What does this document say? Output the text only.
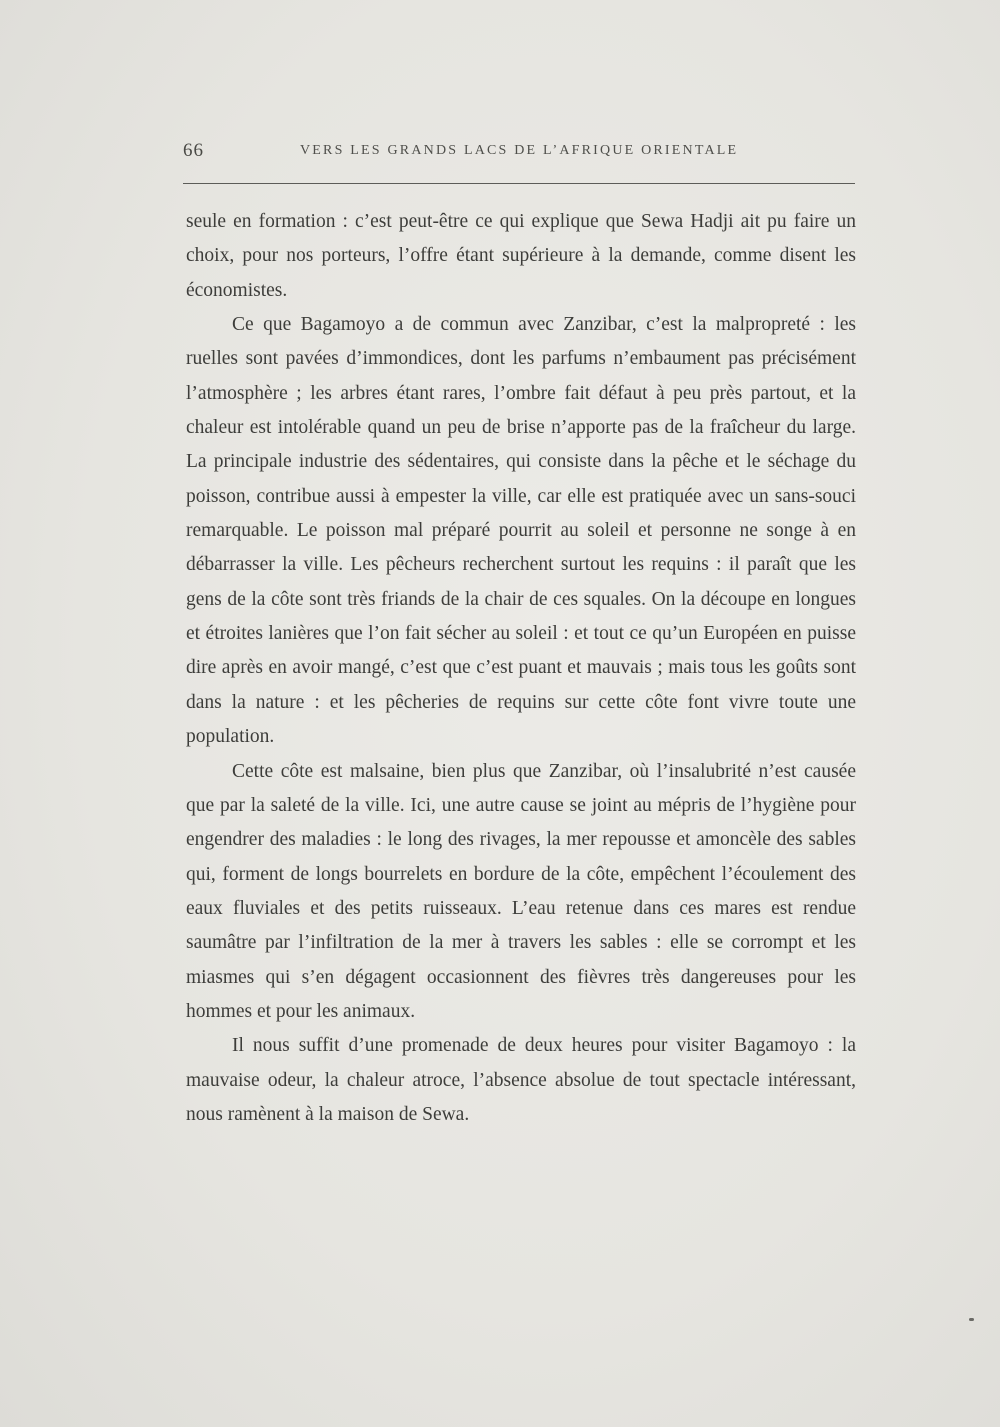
66	VERS LES GRANDS LACS DE L’AFRIQUE ORIENTALE

seule en formation : c’est peut-être ce qui explique que Sewa Hadji ait pu faire un choix, pour nos porteurs, l’offre étant supérieure à la demande, comme disent les économistes.

Ce que Bagamoyo a de commun avec Zanzibar, c’est la malpropreté : les ruelles sont pavées d’immondices, dont les parfums n’embaument pas précisément l’atmosphère ; les arbres étant rares, l’ombre fait défaut à peu près partout, et la chaleur est intolérable quand un peu de brise n’apporte pas de la fraîcheur du large. La principale industrie des sédentaires, qui consiste dans la pêche et le séchage du poisson, contribue aussi à empester la ville, car elle est pratiquée avec un sans-souci remarquable. Le poisson mal préparé pourrit au soleil et personne ne songe à en débarrasser la ville. Les pêcheurs recherchent surtout les requins : il paraît que les gens de la côte sont très friands de la chair de ces squales. On la découpe en longues et étroites lanières que l’on fait sécher au soleil : et tout ce qu’un Européen en puisse dire après en avoir mangé, c’est que c’est puant et mauvais ; mais tous les goûts sont dans la nature : et les pêcheries de requins sur cette côte font vivre toute une population.

Cette côte est malsaine, bien plus que Zanzibar, où l’insalubrité n’est causée que par la saleté de la ville. Ici, une autre cause se joint au mépris de l’hygiène pour engendrer des maladies : le long des rivages, la mer repousse et amoncèle des sables qui, forment de longs bourrelets en bordure de la côte, empêchent l’écoulement des eaux fluviales et des petits ruisseaux. L’eau retenue dans ces mares est rendue saumâtre par l’infiltration de la mer à travers les sables : elle se corrompt et les miasmes qui s’en dégagent occasionnent des fièvres très dangereuses pour les hommes et pour les animaux.

Il nous suffit d’une promenade de deux heures pour visiter Bagamoyo : la mauvaise odeur, la chaleur atroce, l’absence absolue de tout spectacle intéressant, nous ramènent à la maison de Sewa.
